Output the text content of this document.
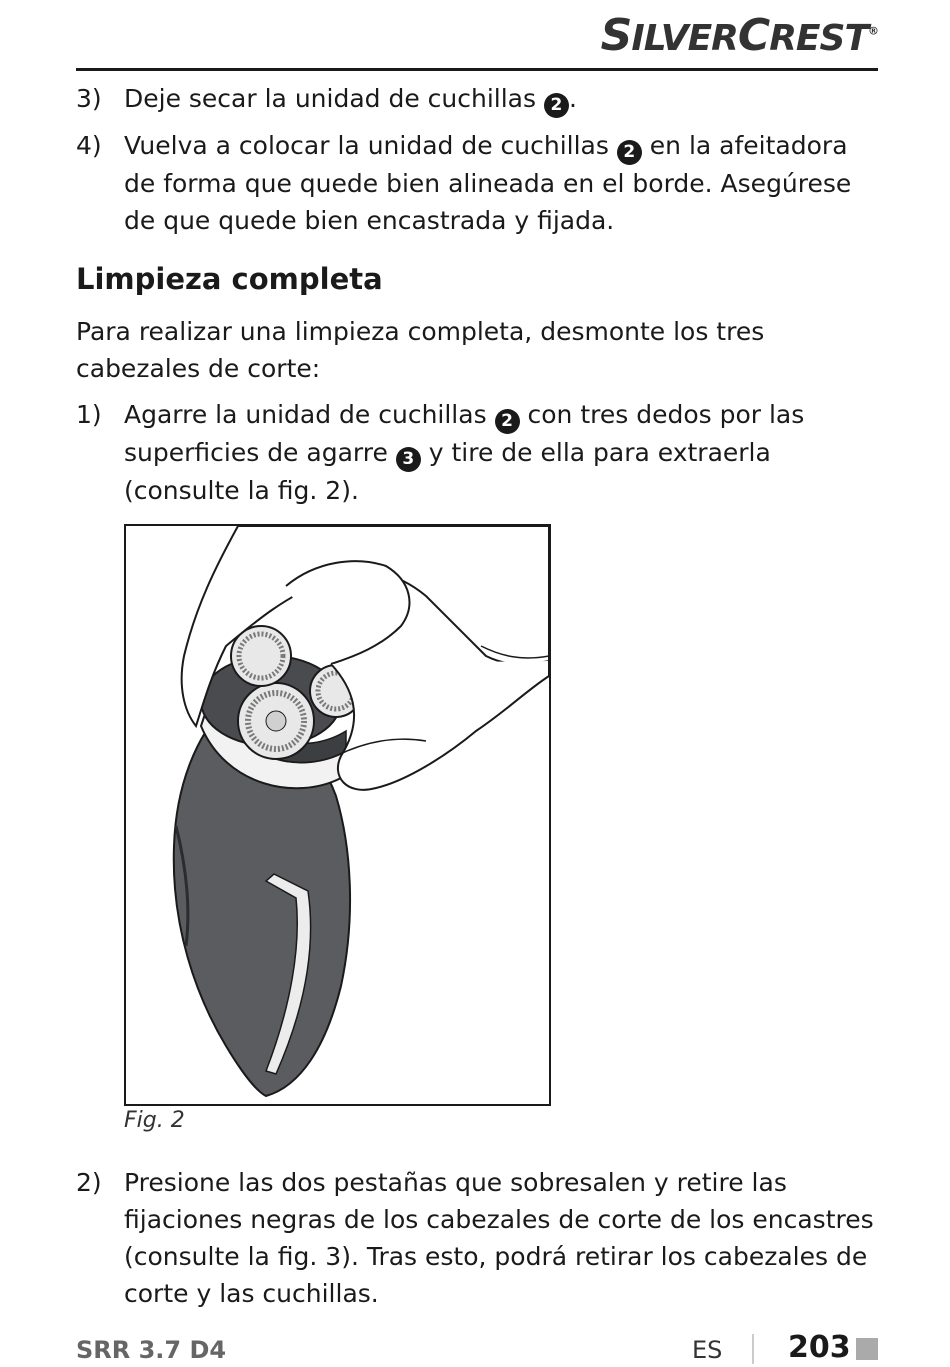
SILVERCREST®
3) Deje secar la unidad de cuchillas 2 .
4) Vuelva a colocar la unidad de cuchillas 2 en la afeitadora de forma que quede bien alineada en el borde. Asegúrese de que quede bien encastrada y fijada.
Limpieza completa
Para realizar una limpieza completa, desmonte los tres cabezales de corte:
1) Agarre la unidad de cuchillas 2 con tres dedos por las superficies de agarre 3 y tire de ella para extraerla (consulte la fig. 2).
Fig. 2
2) Presione las dos pestañas que sobresalen y retire las fijaciones negras de los cabezales de corte de los encastres (consulte la fig. 3). Tras esto, podrá retirar los cabezales de corte y las cuchillas.
SRR 3.7 D4	ES 203
